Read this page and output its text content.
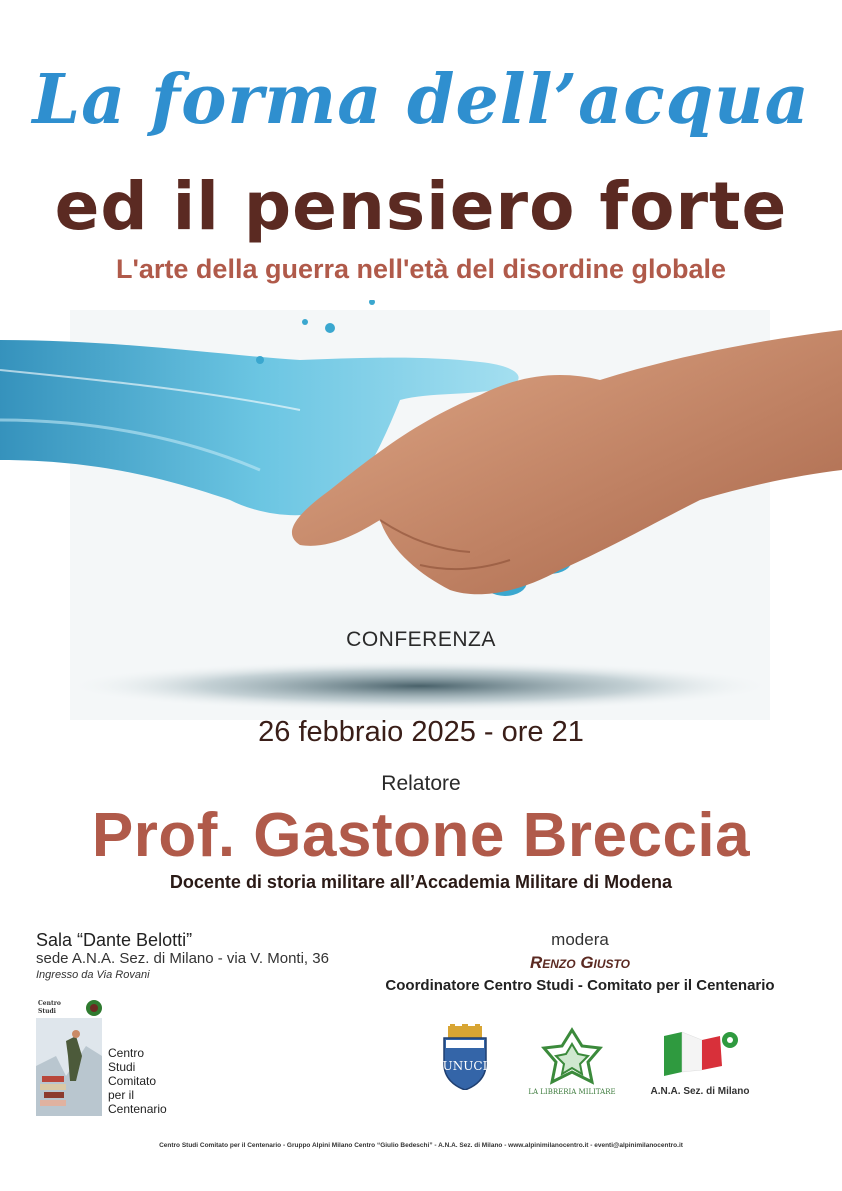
La forma dell’acqua
ed il pensiero forte
L'arte della guerra nell'età del disordine globale
CONFERENZA
26 febbraio 2025 - ore 21
Relatore
Prof. Gastone Breccia
Docente di storia militare all’Accademia Militare di Modena
Sala “Dante Belotti”
sede A.N.A. Sez. di Milano - via V. Monti, 36
Ingresso da Via Rovani
modera
Renzo Giusto
Coordinatore Centro Studi - Comitato per il Centenario
Centro
Studi
Centro
Studi
Comitato
per il
Centenario
UNUCI
LA LIBRERIA MILITARE	A.N.A. Sez. di Milano
Centro Studi Comitato per il Centenario - Gruppo Alpini Milano Centro “Giulio Bedeschi” - A.N.A. Sez. di Milano - www.alpinimilanocentro.it - eventi@alpinimilanocentro.it
